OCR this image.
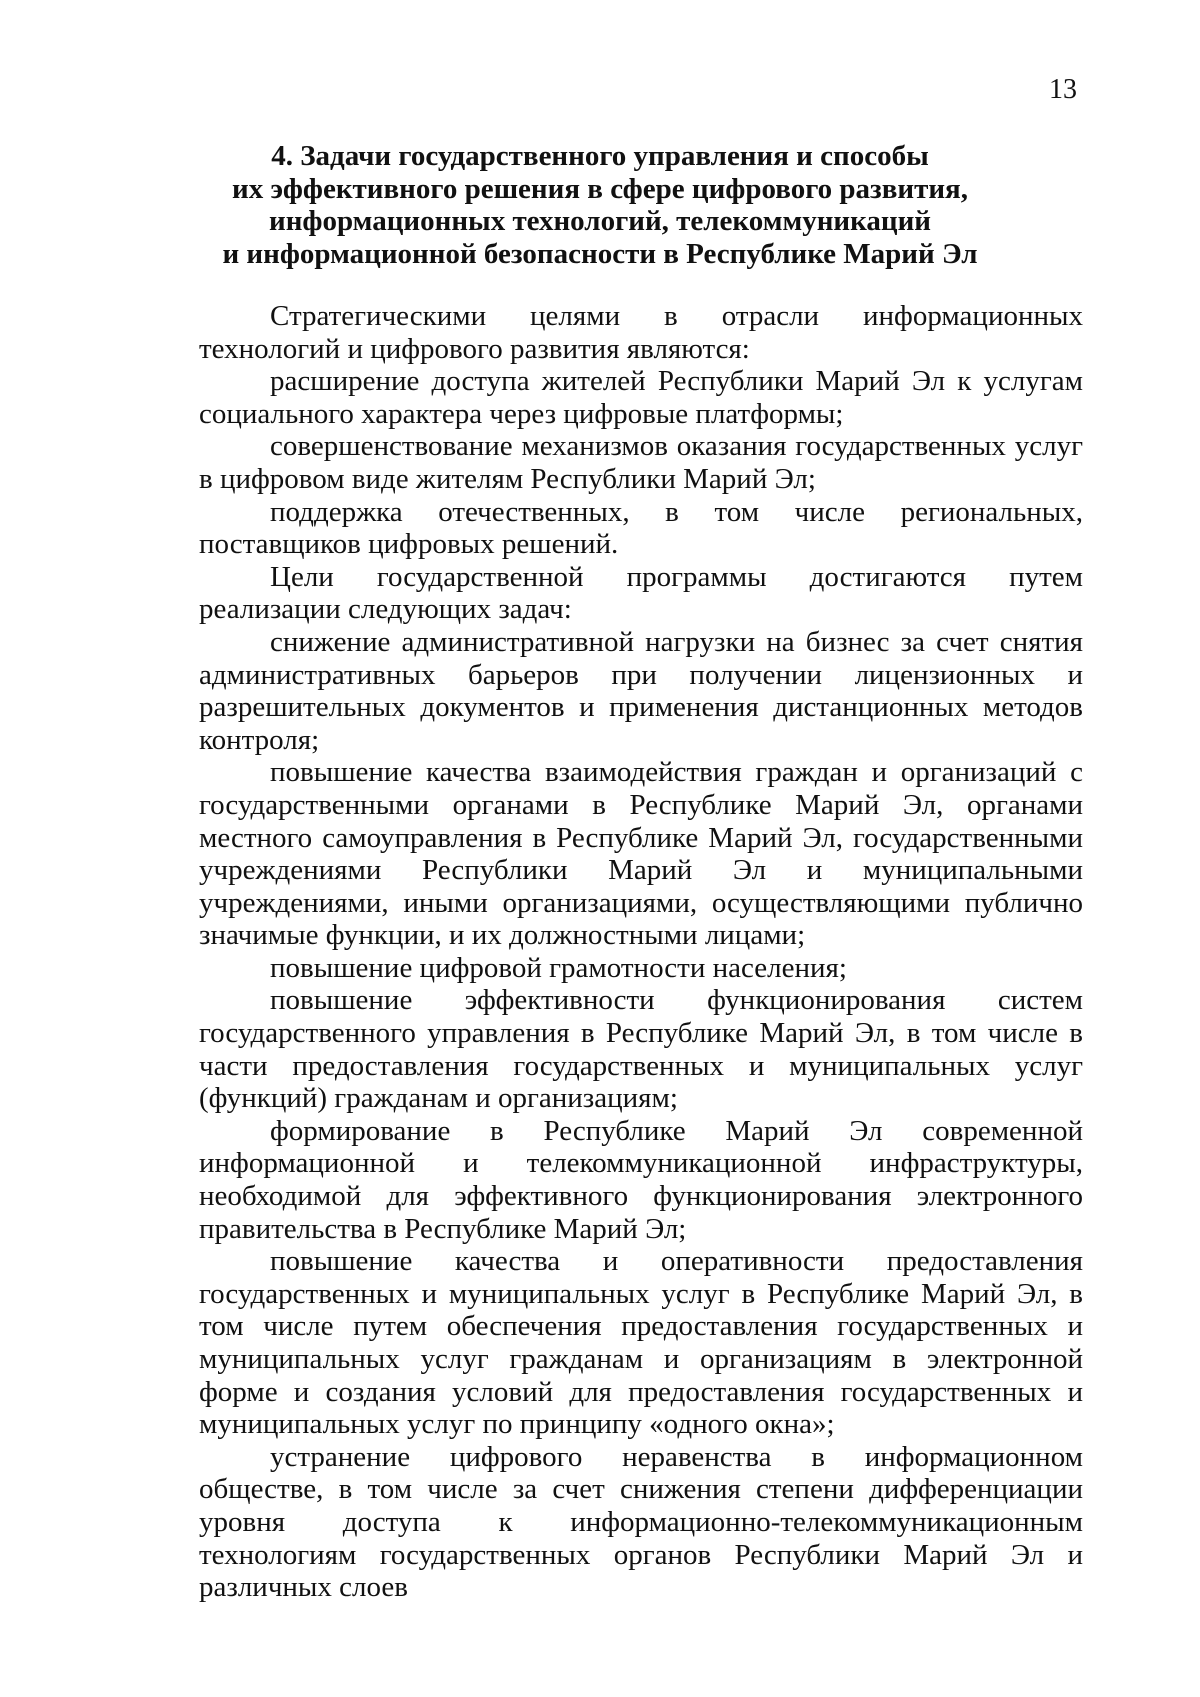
13
4. Задачи государственного управления и способы
их эффективного решения в сфере цифрового развития,
информационных технологий, телекоммуникаций
и информационной безопасности в Республике Марий Эл

Стратегическими целями в отрасли информационных технологий и цифрового развития являются:

расширение доступа жителей Республики Марий Эл к услугам социального характера через цифровые платформы;

совершенствование механизмов оказания государственных услуг в цифровом виде жителям Республики Марий Эл;

поддержка отечественных, в том числе региональных, поставщиков цифровых решений.

Цели государственной программы достигаются путем реализации следующих задач:

снижение административной нагрузки на бизнес за счет снятия административных барьеров при получении лицензионных и разрешительных документов и применения дистанционных методов контроля;

повышение качества взаимодействия граждан и организаций с государственными органами в Республике Марий Эл, органами местного самоуправления в Республике Марий Эл, государственными учреждениями Республики Марий Эл и муниципальными учреждениями, иными организациями, осуществляющими публично значимые функции, и их должностными лицами;

повышение цифровой грамотности населения;

повышение эффективности функционирования систем государственного управления в Республике Марий Эл, в том числе в части предоставления государственных и муниципальных услуг (функций) гражданам и организациям;

формирование в Республике Марий Эл современной информационной и телекоммуникационной инфраструктуры, необходимой для эффективного функционирования электронного правительства в Республике Марий Эл;

повышение качества и оперативности предоставления государственных и муниципальных услуг в Республике Марий Эл, в том числе путем обеспечения предоставления государственных и муниципальных услуг гражданам и организациям в электронной форме и создания условий для предоставления государственных и муниципальных услуг по принципу «одного окна»;

устранение цифрового неравенства в информационном обществе, в том числе за счет снижения степени дифференциации уровня доступа к информационно-телекоммуникационным технологиям государственных органов Республики Марий Эл и различных слоев
